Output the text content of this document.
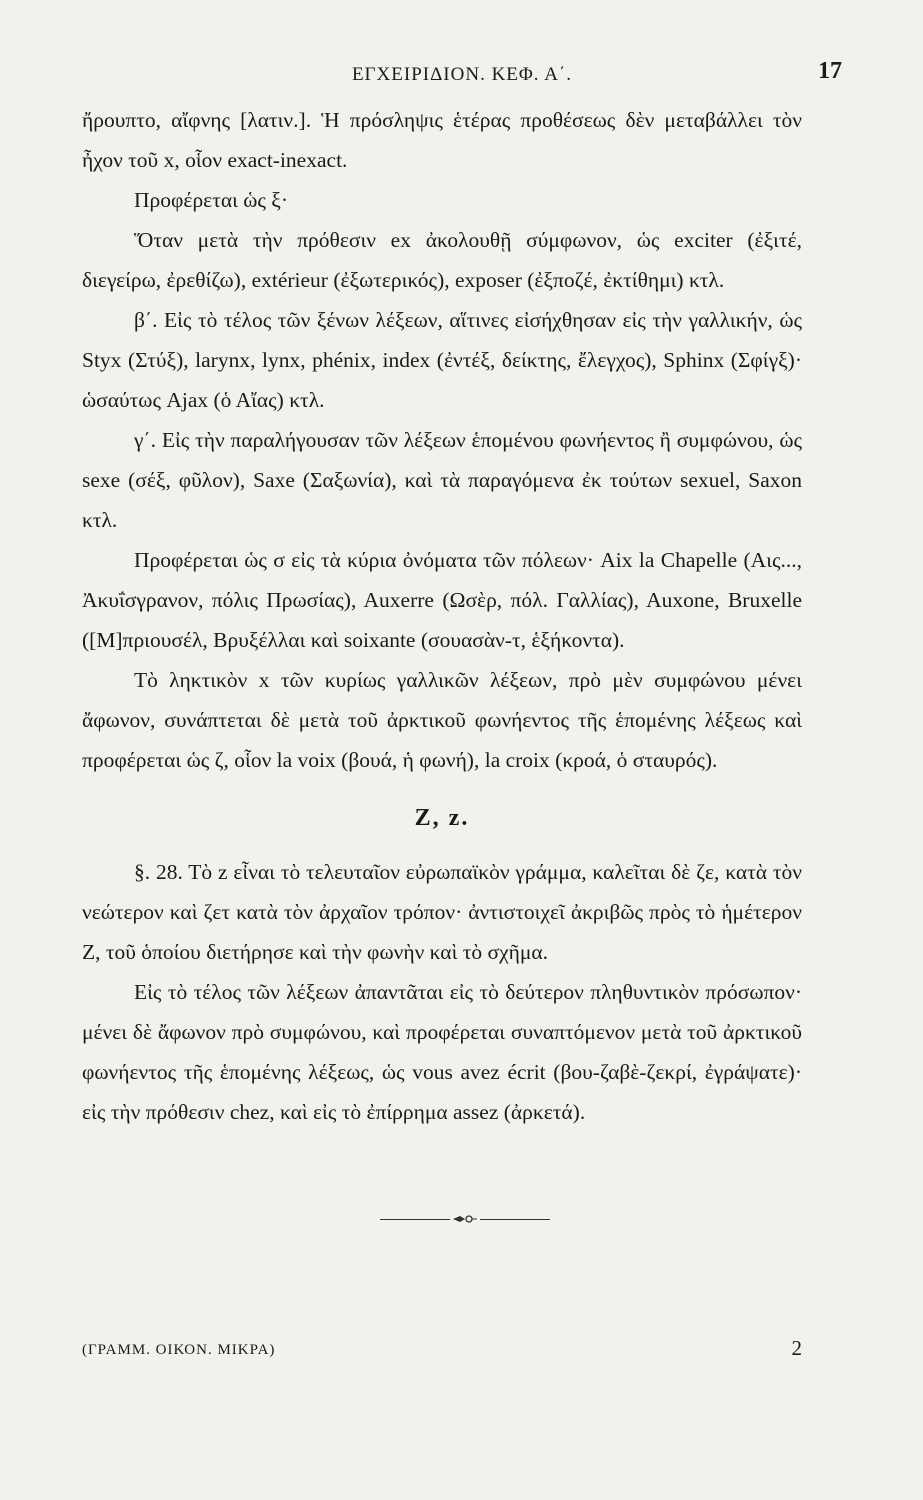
ΕΓΧΕΙΡΙΔΙΟΝ. ΚΕΦ. Α΄.	17

ἤρουπτο, αἴφνης [λατιν.]. Ἡ πρόσληψις ἑτέρας προθέσεως δὲν μεταβάλλει τὸν ἦχον τοῦ x, οἷον exact-inexact.

Προφέρεται ὡς ξ·

Ὅταν μετὰ τὴν πρόθεσιν ex ἀκολουθῇ σύμφωνον, ὡς exciter (ἐξιτέ, διεγείρω, ἐρεθίζω), extérieur (ἐξωτερικός), exposer (ἐξποζέ, ἐκτίθημι) κτλ.

β΄. Εἰς τὸ τέλος τῶν ξένων λέξεων, αἵτινες εἰσήχθησαν εἰς τὴν γαλλικήν, ὡς Styx (Στύξ), larynx, lynx, phénix, index (ἐντέξ, δείκτης, ἔλεγχος), Sphinx (Σφίγξ)· ὡσαύτως Ajax (ὁ Αἴας) κτλ.

γ΄. Εἰς τὴν παραλήγουσαν τῶν λέξεων ἑπομένου φωνήεντος ἢ συμφώνου, ὡς sexe (σέξ, φῦλον), Saxe (Σαξωνία), καὶ τὰ παραγόμενα ἐκ τούτων sexuel, Saxon κτλ.

Προφέρεται ὡς σ εἰς τὰ κύρια ὀνόματα τῶν πόλεων· Aix la Chapelle (Αις..., Ἀκυΐσγρανον, πόλις Πρωσίας), Auxerre (Ωσὲρ, πόλ. Γαλλίας), Auxone, Bruxelle ([Μ]πριουσέλ, Βρυξέλλαι καὶ soixante (σουασὰν-τ, ἑξήκοντα).

Τὸ ληκτικὸν x τῶν κυρίως γαλλικῶν λέξεων, πρὸ μὲν συμφώνου μένει ἄφωνον, συνάπτεται δὲ μετὰ τοῦ ἀρκτικοῦ φωνήεντος τῆς ἑπομένης λέξεως καὶ προφέρεται ὡς ζ, οἷον la voix (βουά, ἡ φωνή), la croix (κροά, ὁ σταυρός).

Z, z.

§. 28. Τὸ z εἶναι τὸ τελευταῖον εὐρωπαϊκὸν γράμμα, καλεῖται δὲ ζε, κατὰ τὸν νεώτερον καὶ ζετ κατὰ τὸν ἀρχαῖον τρόπον· ἀντιστοιχεῖ ἀκριβῶς πρὸς τὸ ἡμέτερον Ζ, τοῦ ὁποίου διετήρησε καὶ τὴν φωνὴν καὶ τὸ σχῆμα.

Εἰς τὸ τέλος τῶν λέξεων ἀπαντᾶται εἰς τὸ δεύτερον πληθυντικὸν πρόσωπον· μένει δὲ ἄφωνον πρὸ συμφώνου, καὶ προφέρεται συναπτόμενον μετὰ τοῦ ἀρκτικοῦ φωνήεντος τῆς ἑπομένης λέξεως, ὡς vous avez écrit (βου-ζαβὲ-ζεκρί, ἐγράψατε)· εἰς τὴν πρόθεσιν chez, καὶ εἰς τὸ ἐπίρρημα assez (ἀρκετά).

(ΓΡΑΜΜ. ΟΙΚΟΝ. ΜΙΚΡΑ)	2
